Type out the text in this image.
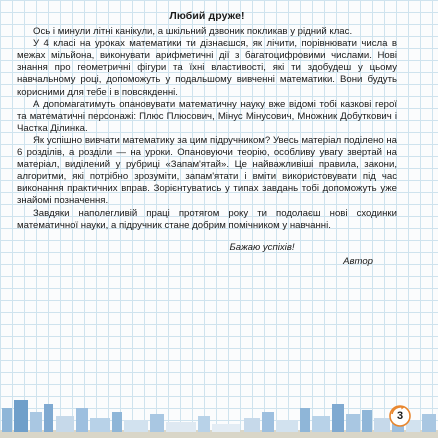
Любий друже!

Ось і минули літні канікули, а шкільний дзвоник покликав у рідний клас.

У 4 класі на уроках математики ти дізнаєшся, як лічити, порівнювати числа в межах мільйона, виконувати арифметичні дії з багатоцифровими числами. Нові знання про геометричні фігури та їхні властивості, які ти здобудеш у цьому навчальному році, допоможуть у подальшому вивченні математики. Вони будуть корисними для тебе і в повсякденні.

А допомагатимуть опановувати математичну науку вже відомі тобі казкові герої та математичні персонажі: Плюс Плюсович, Мінус Мінусович, Множник Добуткович і Частка Ділинка.

Як успішно вивчати математику за цим підручником? Увесь матеріал поділено на 6 розділів, а розділи — на уроки. Опановуючи теорію, особливу увагу звертай на матеріал, виділений у рубриці «Запам'ятай». Це найважливіші правила, закони, алгоритми, які потрібно зрозуміти, запам'ятати і вміти використовувати під час виконання практичних вправ. Зорієнтуватись у типах завдань тобі допоможуть уже знайомі позначення.

Завдяки наполегливій праці протягом року ти подолаєш нові сходинки математичної науки, а підручник стане добрим помічником у навчанні.

Бажаю успіхів!
Автор
3
